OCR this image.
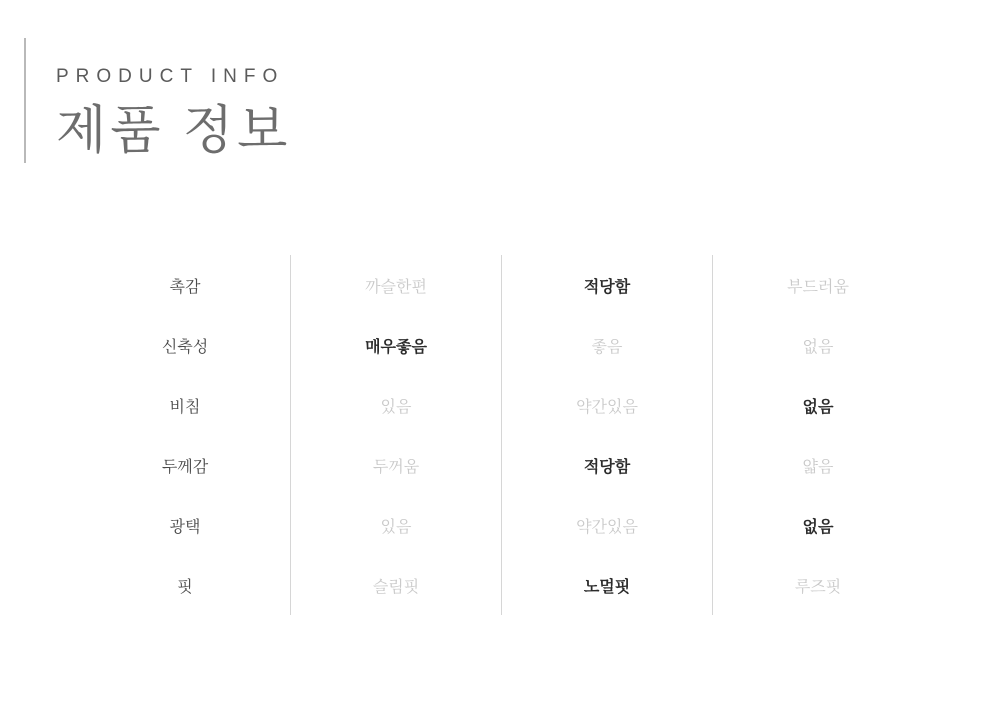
PRODUCT INFO
제품 정보
촉감	까슬한편	적당함	부드러움
신축성	매우좋음	좋음	없음
비침	있음	약간있음	없음
두께감	두꺼움	적당함	얇음
광택	있음	약간있음	없음
핏	슬림핏	노멀핏	루즈핏
